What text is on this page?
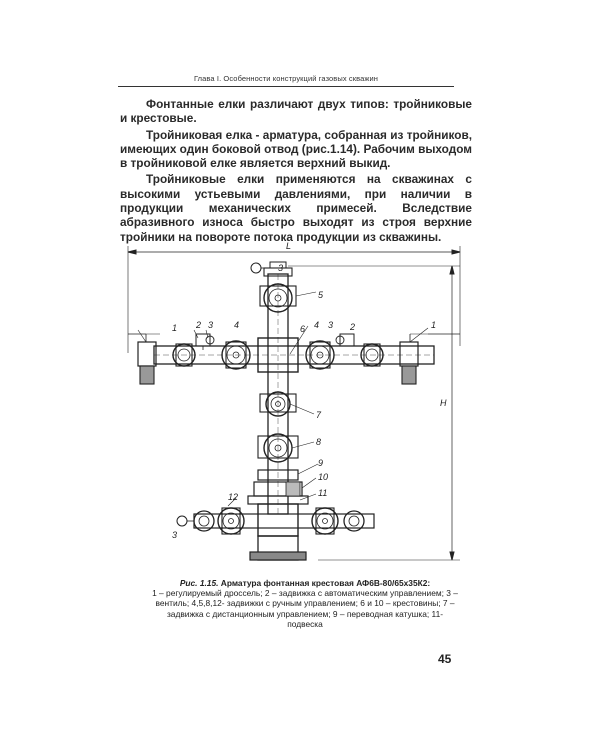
Глава I. Особенности конструкций газовых скважин

Фонтанные елки различают двух типов: тройниковые и крестовые.

Тройниковая елка - арматура, собранная из тройников, имеющих один боковой отвод (рис.1.14). Рабочим выходом в тройниковой елке является верхний выкид.

Тройниковые елки применяются на скважинах с высокими устьевыми давлениями, при наличии в продукции механических примесей. Вследствие абразивного износа быстро выходят из строя верхние тройники на повороте потока продукции из скважины.

L
H
1	1
2	2
3
3	3
3
4	4
5
6
7
8
9
10
11
12
Рис. 1.15. Арматура фонтанная крестовая АФ6В-80/65х35К2:
1 – регулируемый дроссель; 2 – задвижка с автоматическим управлением; 3 – вентиль; 4,5,8,12- задвижки с ручным управлением; 6 и 10 – крестовины; 7 – задвижка с дистанционным управлением; 9 – переводная катушка; 11- подвеска
45
